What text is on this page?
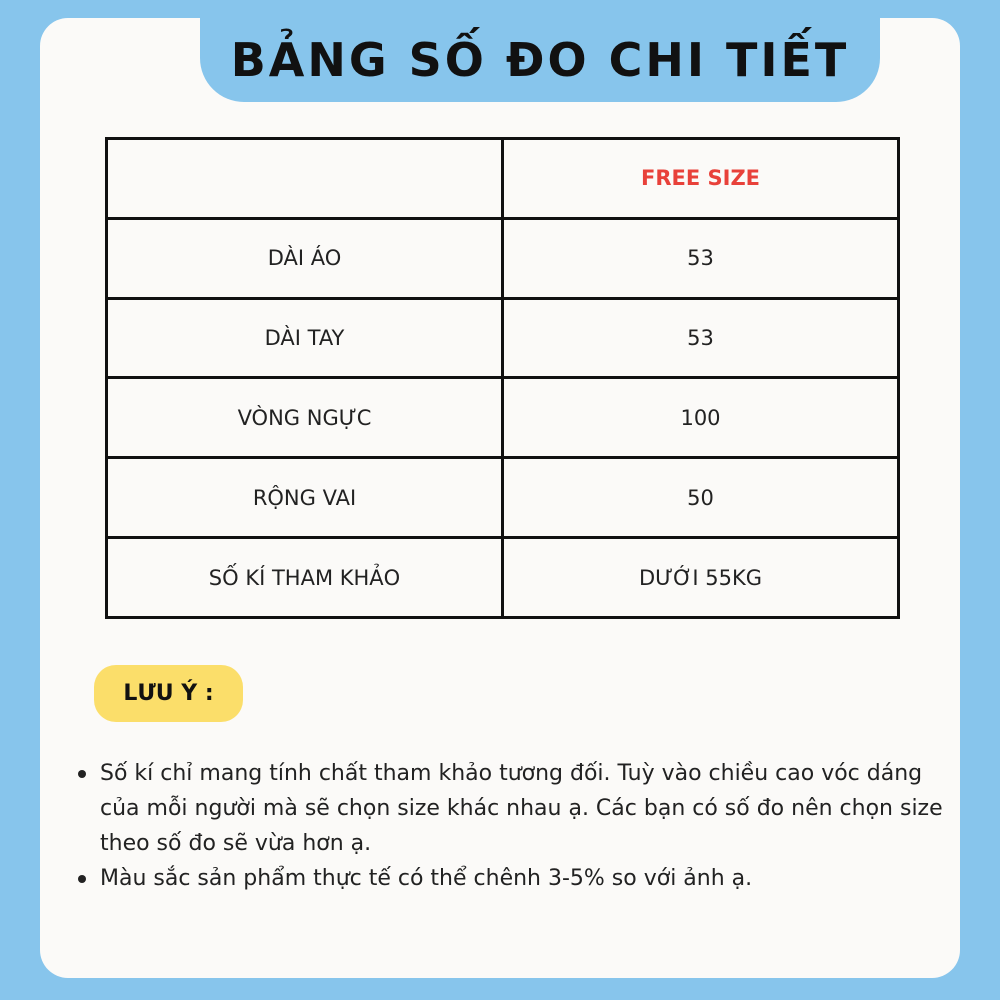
BẢNG SỐ ĐO CHI TIẾT
	FREE SIZE
DÀI ÁO	53
DÀI TAY	53
VÒNG NGỰC	100
RỘNG VAI	50
SỐ KÍ THAM KHẢO	DƯỚI 55KG
LƯU Ý :
Số kí chỉ mang tính chất tham khảo tương đối. Tuỳ vào chiều cao vóc dáng của mỗi người mà sẽ chọn size khác nhau ạ. Các bạn có số đo nên chọn size theo số đo sẽ vừa hơn ạ.
Màu sắc sản phẩm thực tế có thể chênh 3-5% so với ảnh ạ.
